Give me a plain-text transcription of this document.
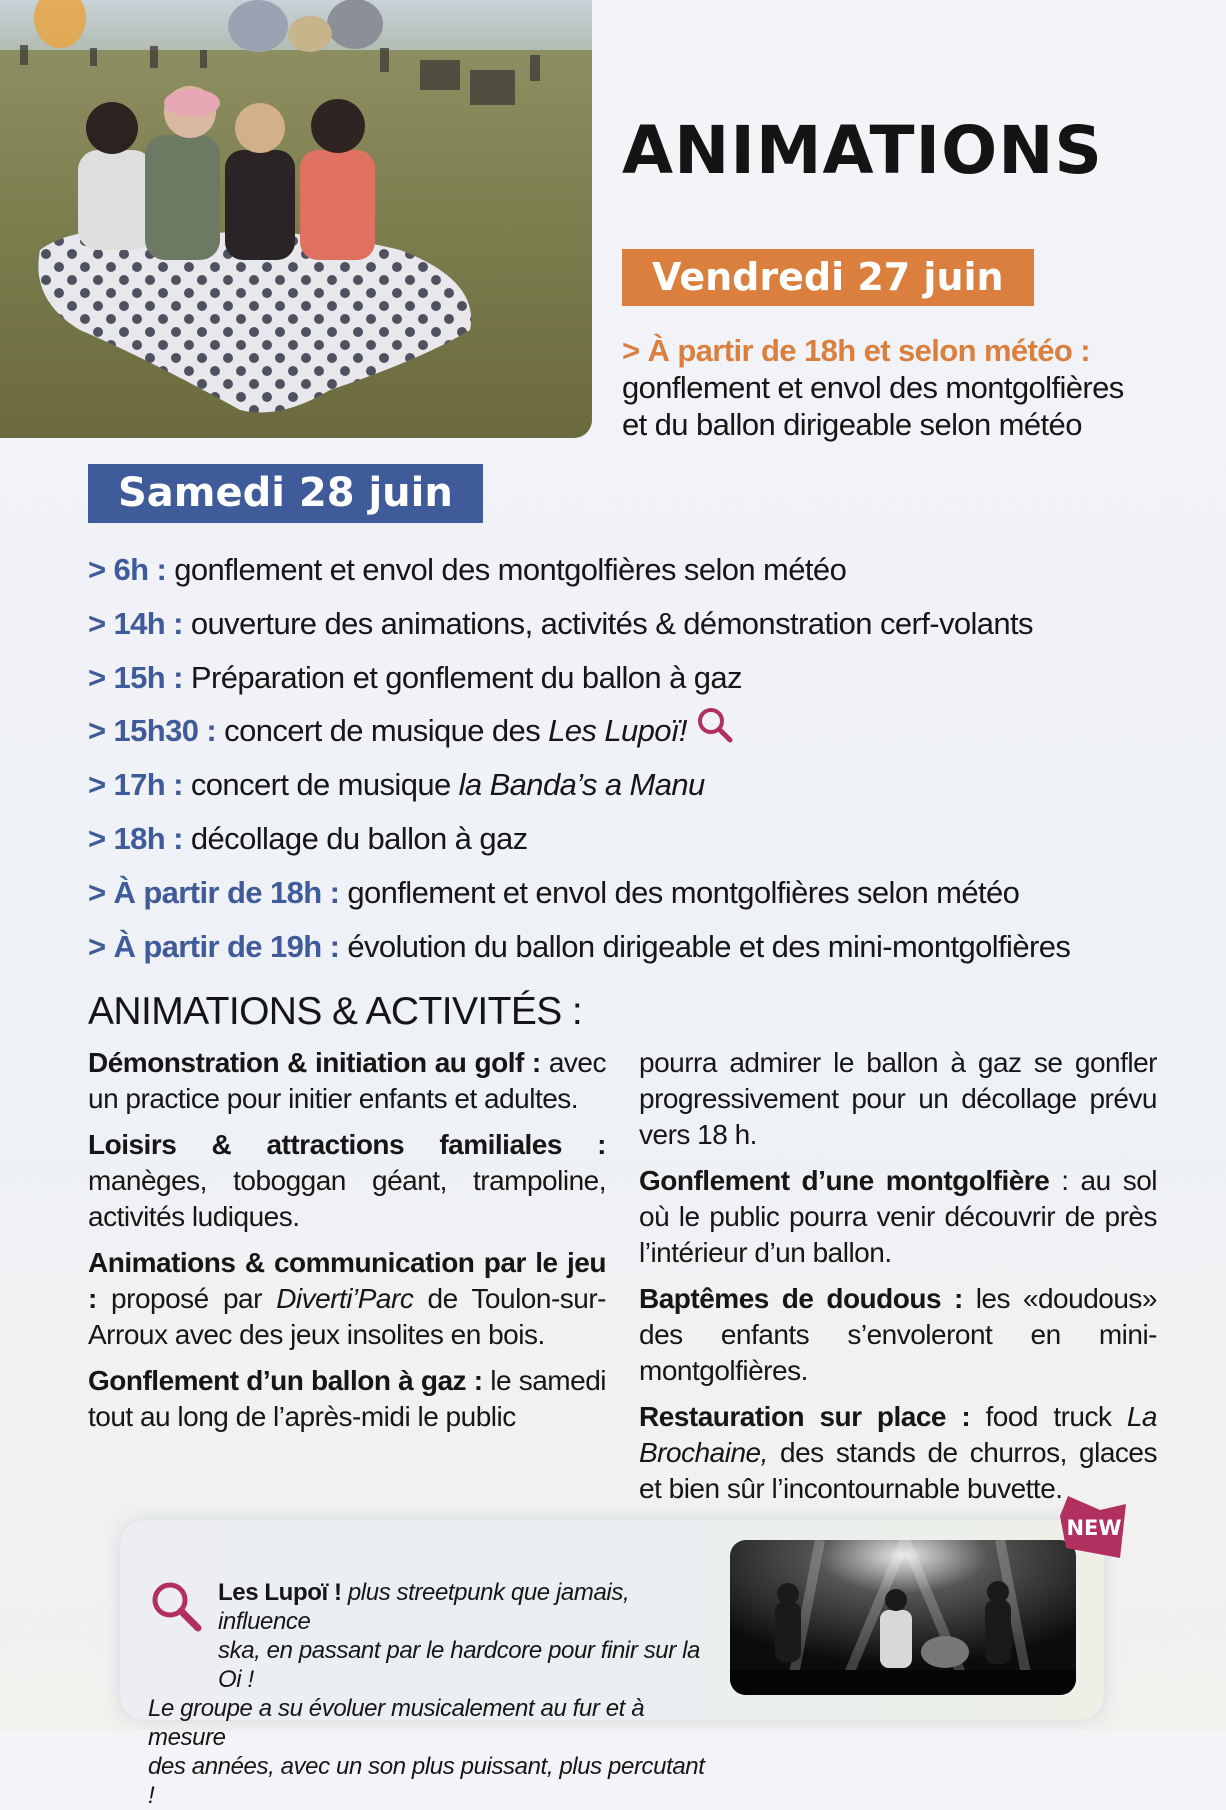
ANIMATIONS
Vendredi 27 juin
> À partir de 18h et selon météo :
gonflement et envol des montgolfières
et du ballon dirigeable selon météo
Samedi 28 juin
> 6h : gonflement et envol des montgolfières selon météo
> 14h : ouverture des animations, activités & démonstration cerf-volants
> 15h : Préparation et gonflement du ballon à gaz
> 15h30 : concert de musique des Les Lupoï!
> 17h : concert de musique la Banda’s a Manu
> 18h : décollage du ballon à gaz
> À partir de 18h : gonflement et envol des montgolfières selon météo
> À partir de 19h : évolution du ballon dirigeable et des mini-montgolfières
ANIMATIONS & ACTIVITÉS :

Démonstration & initiation au golf : avec un practice pour initier enfants et adultes.

Loisirs & attractions familiales : manèges, toboggan géant, trampoline, activités ludiques.

Animations & communication par le jeu : proposé par Diverti’Parc de Toulon-sur-Arroux avec des jeux insolites en bois.

Gonflement d’un ballon à gaz : le samedi tout au long de l’après-midi le public

pourra admirer le ballon à gaz se gonfler progressivement pour un décollage prévu vers 18 h.

Gonflement d’une montgolfière : au sol où le public pourra venir découvrir de près l’intérieur d’un ballon.

Baptêmes de doudous : les «doudous» des enfants s’envoleront en mini-montgolfières.

Restauration sur place : food truck La Brochaine, des stands de churros, glaces et bien sûr l’incontournable buvette.

Les Lupoï ! plus streetpunk que jamais, influence
ska, en passant par le hardcore pour finir sur la Oi !
Le groupe a su évoluer musicalement au fur et à mesure
des années, avec un son plus puissant, plus percutant !
NEW
